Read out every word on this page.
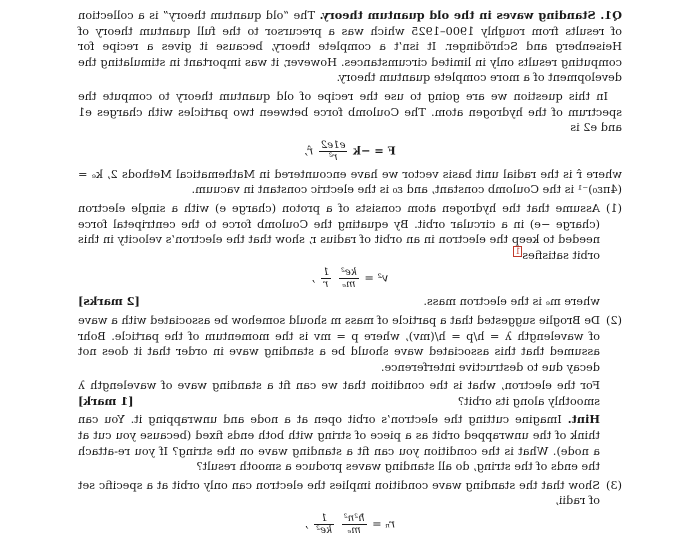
Q1. Standing waves in the old quantum theory. The “old quantum theory” is a collection of results from roughly 1900–1925 which was a precursor to the full quantum theory of Heisenberg and Schrödinger. It isn’t a complete theory, because it gives a recipe for computing results only in limited circumstances. However, it was important in stimulating the development of a more complete quantum theory.

In this question we are going to use the recipe of old quantum theory to compute the spectrum of the hydrogen atom. The Coulomb force between two particles with charges e1 and e2 is

F = −k
$\frac{e1e2}{\text{r²}}$
r̂,

where r̂ is the radial unit basis vector we have encountered in Mathematical Methods 2, kₑ = (4πε₀)⁻¹ is the Coulomb constant, and ε₀ is the electric constant in vacuum.

(1)
Assume that the hydrogen atom consists of a proton (charge e) with a single electron (charge −e) in a circular orbit. By equating the Coulomb force to the centripetal force needed to keep the electron in an orbit of radius r, show that the electron’s velocity in this orbit satisfies$^1$
v² =
$\frac{\text{ke²}}{\text{mₑ}}$

$\frac{1}{r}$
,
where mₑ is the electron mass.
[2 marks]
(2)
De Broglie suggested that a particle of mass m should somehow be associated with a wave of wavelength λ = h/p = h/(mv), where p = mv is the momentum of the particle. Bohr assumed that this associated wave should be a standing wave in order that it does not decay due to destructive interference.
For the electron, what is the condition that we can fit a standing wave of wavelength λ smoothly along its orbit?
[1 mark]
Hint. Imagine cutting the electron’s orbit open at a node and unwrapping it. You can think of the unwrapped orbit as a piece of string with both ends fixed (because you cut at a node). What is the condition you can fit a standing wave on the string? If you re-attach the ends of the string, do all standing waves produce a smooth result?
(3)
Show that the standing wave condition implies the electron can only orbit at a specific set of radii,
rₙ =
$\frac{\text{ħ²n²}}{\text{mₑ}}$

$\frac{1}{\text{ke²}}$
,
